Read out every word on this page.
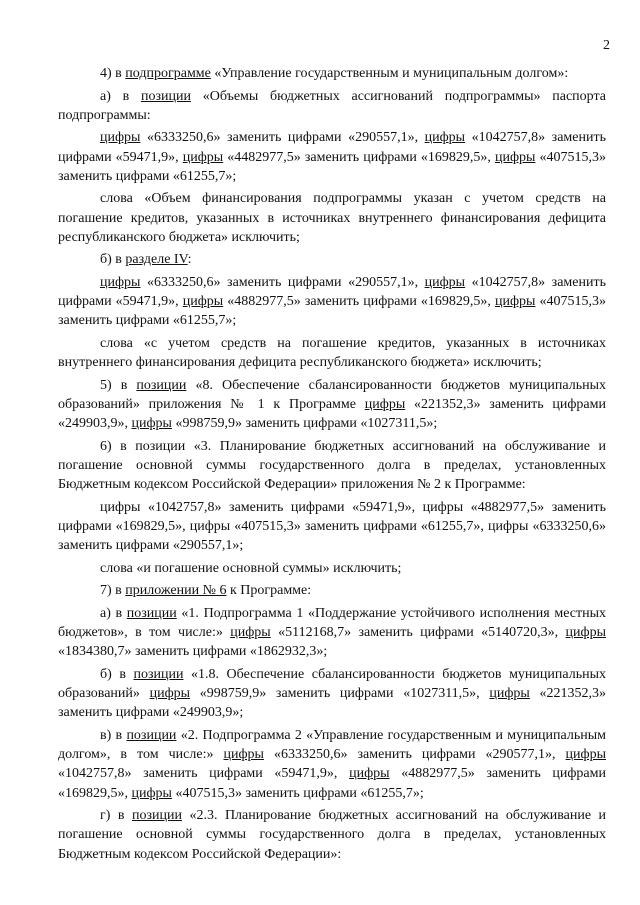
2

4) в подпрограмме «Управление государственным и муниципальным долгом»:

а) в позиции «Объемы бюджетных ассигнований подпрограммы» паспорта подпрограммы:

цифры «6333250,6» заменить цифрами «290557,1», цифры «1042757,8» заменить цифрами «59471,9», цифры «4482977,5» заменить цифрами «169829,5», цифры «407515,3» заменить цифрами «61255,7»;

слова «Объем финансирования подпрограммы указан с учетом средств на погашение кредитов, указанных в источниках внутреннего финансирования дефицита республиканского бюджета» исключить;

б) в разделе IV:

цифры «6333250,6» заменить цифрами «290557,1», цифры «1042757,8» заменить цифрами «59471,9», цифры «4882977,5» заменить цифрами «169829,5», цифры «407515,3» заменить цифрами «61255,7»;

слова «с учетом средств на погашение кредитов, указанных в источниках внутреннего финансирования дефицита республиканского бюджета» исключить;

5) в позиции «8. Обеспечение сбалансированности бюджетов муниципальных образований» приложения № 1 к Программе цифры «221352,3» заменить цифрами «249903,9», цифры «998759,9» заменить цифрами «1027311,5»;

6) в позиции «3. Планирование бюджетных ассигнований на обслуживание и погашение основной суммы государственного долга в пределах, установленных Бюджетным кодексом Российской Федерации» приложения № 2 к Программе:

цифры «1042757,8» заменить цифрами «59471,9», цифры «4882977,5» заменить цифрами «169829,5», цифры «407515,3» заменить цифрами «61255,7», цифры «6333250,6» заменить цифрами «290557,1»;

слова «и погашение основной суммы» исключить;

7) в приложении № 6 к Программе:

а) в позиции «1. Подпрограмма 1 «Поддержание устойчивого исполнения местных бюджетов», в том числе:» цифры «5112168,7» заменить цифрами «5140720,3», цифры «1834380,7» заменить цифрами «1862932,3»;

б) в позиции «1.8. Обеспечение сбалансированности бюджетов муниципальных образований» цифры «998759,9» заменить цифрами «1027311,5», цифры «221352,3» заменить цифрами «249903,9»;

в) в позиции «2. Подпрограмма 2 «Управление государственным и муниципальным долгом», в том числе:» цифры «6333250,6» заменить цифрами «290577,1», цифры «1042757,8» заменить цифрами «59471,9», цифры «4882977,5» заменить цифрами «169829,5», цифры «407515,3» заменить цифрами «61255,7»;

г) в позиции «2.3. Планирование бюджетных ассигнований на обслуживание и погашение основной суммы государственного долга в пределах, установленных Бюджетным кодексом Российской Федерации»:
